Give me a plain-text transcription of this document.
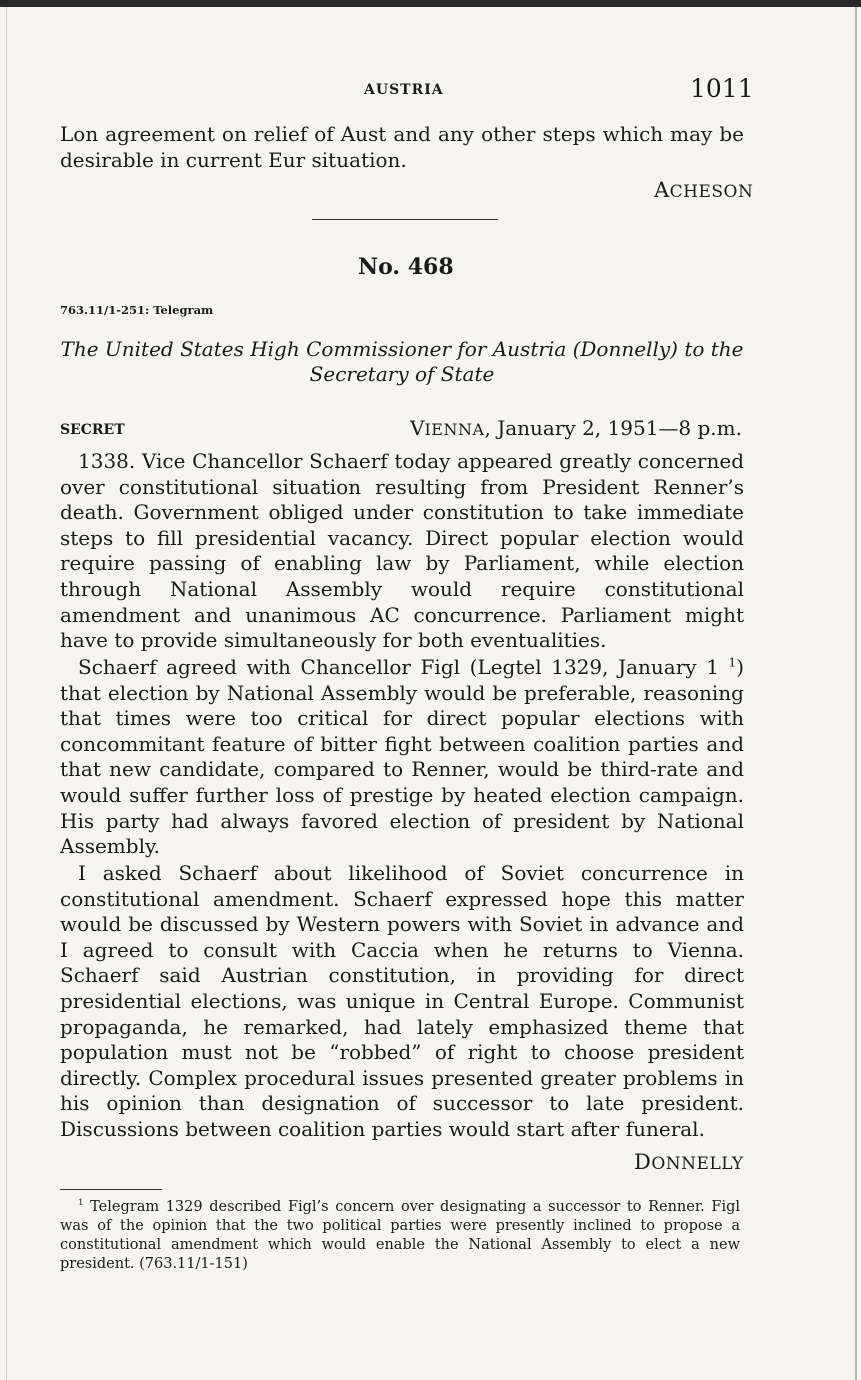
AUSTRIA	1011

Lon agreement on relief of Aust and any other steps which may be desirable in current Eur situation.

ACHESON
No. 468
763.11/1-251: Telegram
The United States High Commissioner for Austria (Donnelly) to the
Secretary of State
SECRET	VIENNA, January 2, 1951—8 p.m.

1338. Vice Chancellor Schaerf today appeared greatly concerned over constitutional situation resulting from President Renner’s death. Government obliged under constitution to take immediate steps to fill presidential vacancy. Direct popular election would require passing of enabling law by Parliament, while election through National Assembly would require constitutional amendment and unanimous AC concurrence. Parliament might have to provide simultaneously for both eventualities.

Schaerf agreed with Chancellor Figl (Legtel 1329, January 1 $^1$) that election by National Assembly would be preferable, reasoning that times were too critical for direct popular elections with concommitant feature of bitter fight between coalition parties and that new candidate, compared to Renner, would be third-rate and would suffer further loss of prestige by heated election campaign. His party had always favored election of president by National Assembly.

I asked Schaerf about likelihood of Soviet concurrence in constitutional amendment. Schaerf expressed hope this matter would be discussed by Western powers with Soviet in advance and I agreed to consult with Caccia when he returns to Vienna. Schaerf said Austrian constitution, in providing for direct presidential elections, was unique in Central Europe. Communist propaganda, he remarked, had lately emphasized theme that population must not be “robbed” of right to choose president directly. Complex procedural issues presented greater problems in his opinion than designation of successor to late president. Discussions between coalition parties would start after funeral.

DONNELLY

$^1$ Telegram 1329 described Figl’s concern over designating a successor to Renner. Figl was of the opinion that the two political parties were presently inclined to propose a constitutional amendment which would enable the National Assembly to elect a new president. (763.11/1-151)
